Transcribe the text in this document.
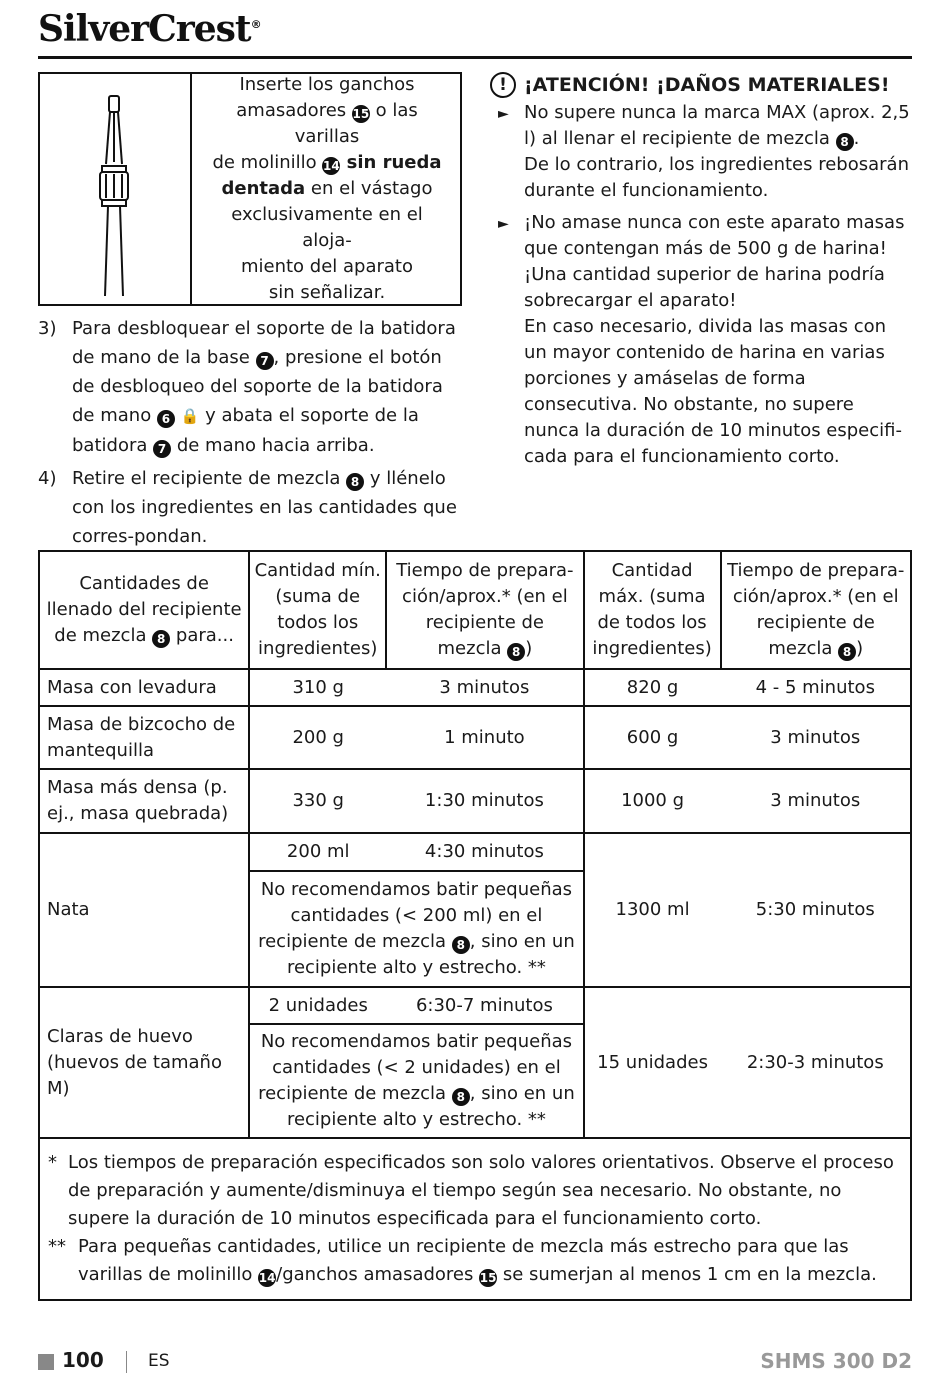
SilverCrest®
Inserte los ganchos
amasadores 15 o las varillas
de molinillo 14 sin rueda
dentada en el vástago
exclusivamente en el aloja-
miento del aparato
sin señalizar.
3) Para desbloquear el soporte de la batidora de mano de la base 7 , presione el botón de desbloqueo del soporte de la batidora de mano 6 🔒 y abata el soporte de la batidora 7 de mano hacia arriba.
4) Retire el recipiente de mezcla 8 y llénelo con los ingredientes en las cantidades que corres-pondan.
! ¡ATENCIÓN! ¡DAÑOS MATERIALES!
► No supere nunca la marca MAX (aprox. 2,5 l) al llenar el recipiente de mezcla 8 .
De lo contrario, los ingredientes rebosarán durante el funcionamiento.
► ¡No amase nunca con este aparato masas que contengan más de 500 g de harina! ¡Una cantidad superior de harina podría sobrecargar el aparato!
En caso necesario, divida las masas con un mayor contenido de harina en varias porciones y amáselas de forma consecutiva. No obstante, no supere nunca la duración de 10 minutos especifi-cada para el funcionamiento corto.
Cantidades de llenado del recipiente de mezcla 8 para...	Cantidad mín. (suma de todos los ingredientes)	Tiempo de prepara-ción/aprox.* (en el recipiente de mezcla 8 )	Cantidad máx. (suma de todos los ingredientes)	Tiempo de prepara-ción/aprox.* (en el recipiente de mezcla 8 )
Masa con levadura	310 g	3 minutos	820 g	4 - 5 minutos
Masa de bizcocho de mantequilla	200 g	1 minuto	600 g	3 minutos
Masa más densa (p. ej., masa quebrada)	330 g	1:30 minutos	1000 g	3 minutos
Nata	200 ml	4:30 minutos	1300 ml	5:30 minutos
	No recomendamos batir pequeñas cantidades (< 200 ml) en el recipiente de mezcla 8 , sino en un recipiente alto y estrecho. **			
Claras de huevo (huevos de tamaño M)	2 unidades	6:30-7 minutos	15 unidades	2:30-3 minutos
	No recomendamos batir pequeñas cantidades (< 2 unidades) en el recipiente de mezcla 8 , sino en un recipiente alto y estrecho. **			

* Los tiempos de preparación especificados son solo valores orientativos. Observe el proceso de preparación y aumente/disminuya el tiempo según sea necesario. No obstante, no supere la duración de 10 minutos especificada para el funcionamiento corto.
** Para pequeñas cantidades, utilice un recipiente de mezcla más estrecho para que las varillas de molinillo 14/ganchos amasadores 15 se sumerjan al menos 1 cm en la mezcla.				
100	ES	SHMS 300 D2
